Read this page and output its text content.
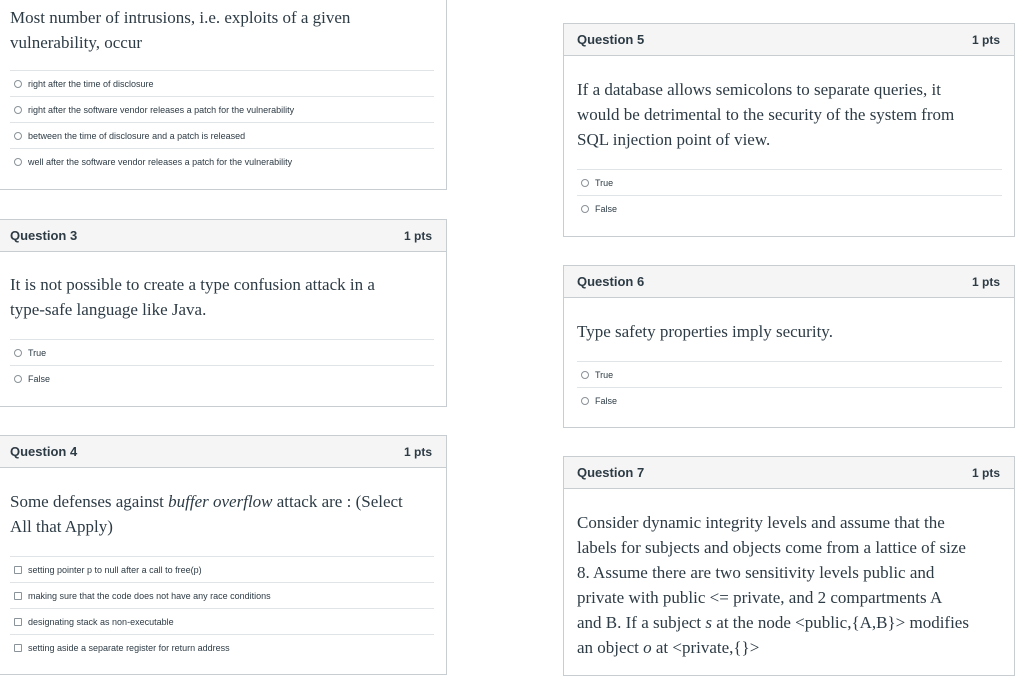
Most number of intrusions, i.e. exploits of a given
vulnerability, occur
right after the time of disclosure
right after the software vendor releases a patch for the vulnerability
between the time of disclosure and a patch is released
well after the software vendor releases a patch for the vulnerability
Question 3	1 pts
It is not possible to create a type confusion attack in a
type-safe language like Java.
True
False
Question 4	1 pts
Some defenses against buffer overflow attack are : (Select
All that Apply)
setting pointer p to null after a call to free(p)
making sure that the code does not have any race conditions
designating stack as non-executable
setting aside a separate register for return address
Question 5	1 pts
If a database allows semicolons to separate queries, it
would be detrimental to the security of the system from
SQL injection point of view.
True
False
Question 6	1 pts
Type safety properties imply security.
True
False
Question 7	1 pts
Consider dynamic integrity levels and assume that the
labels for subjects and objects come from a lattice of size
8. Assume there are two sensitivity levels public and
private with public <= private, and 2 compartments A
and B. If a subject s at the node <public,{A,B}> modifies
an object o at <private,{}>
